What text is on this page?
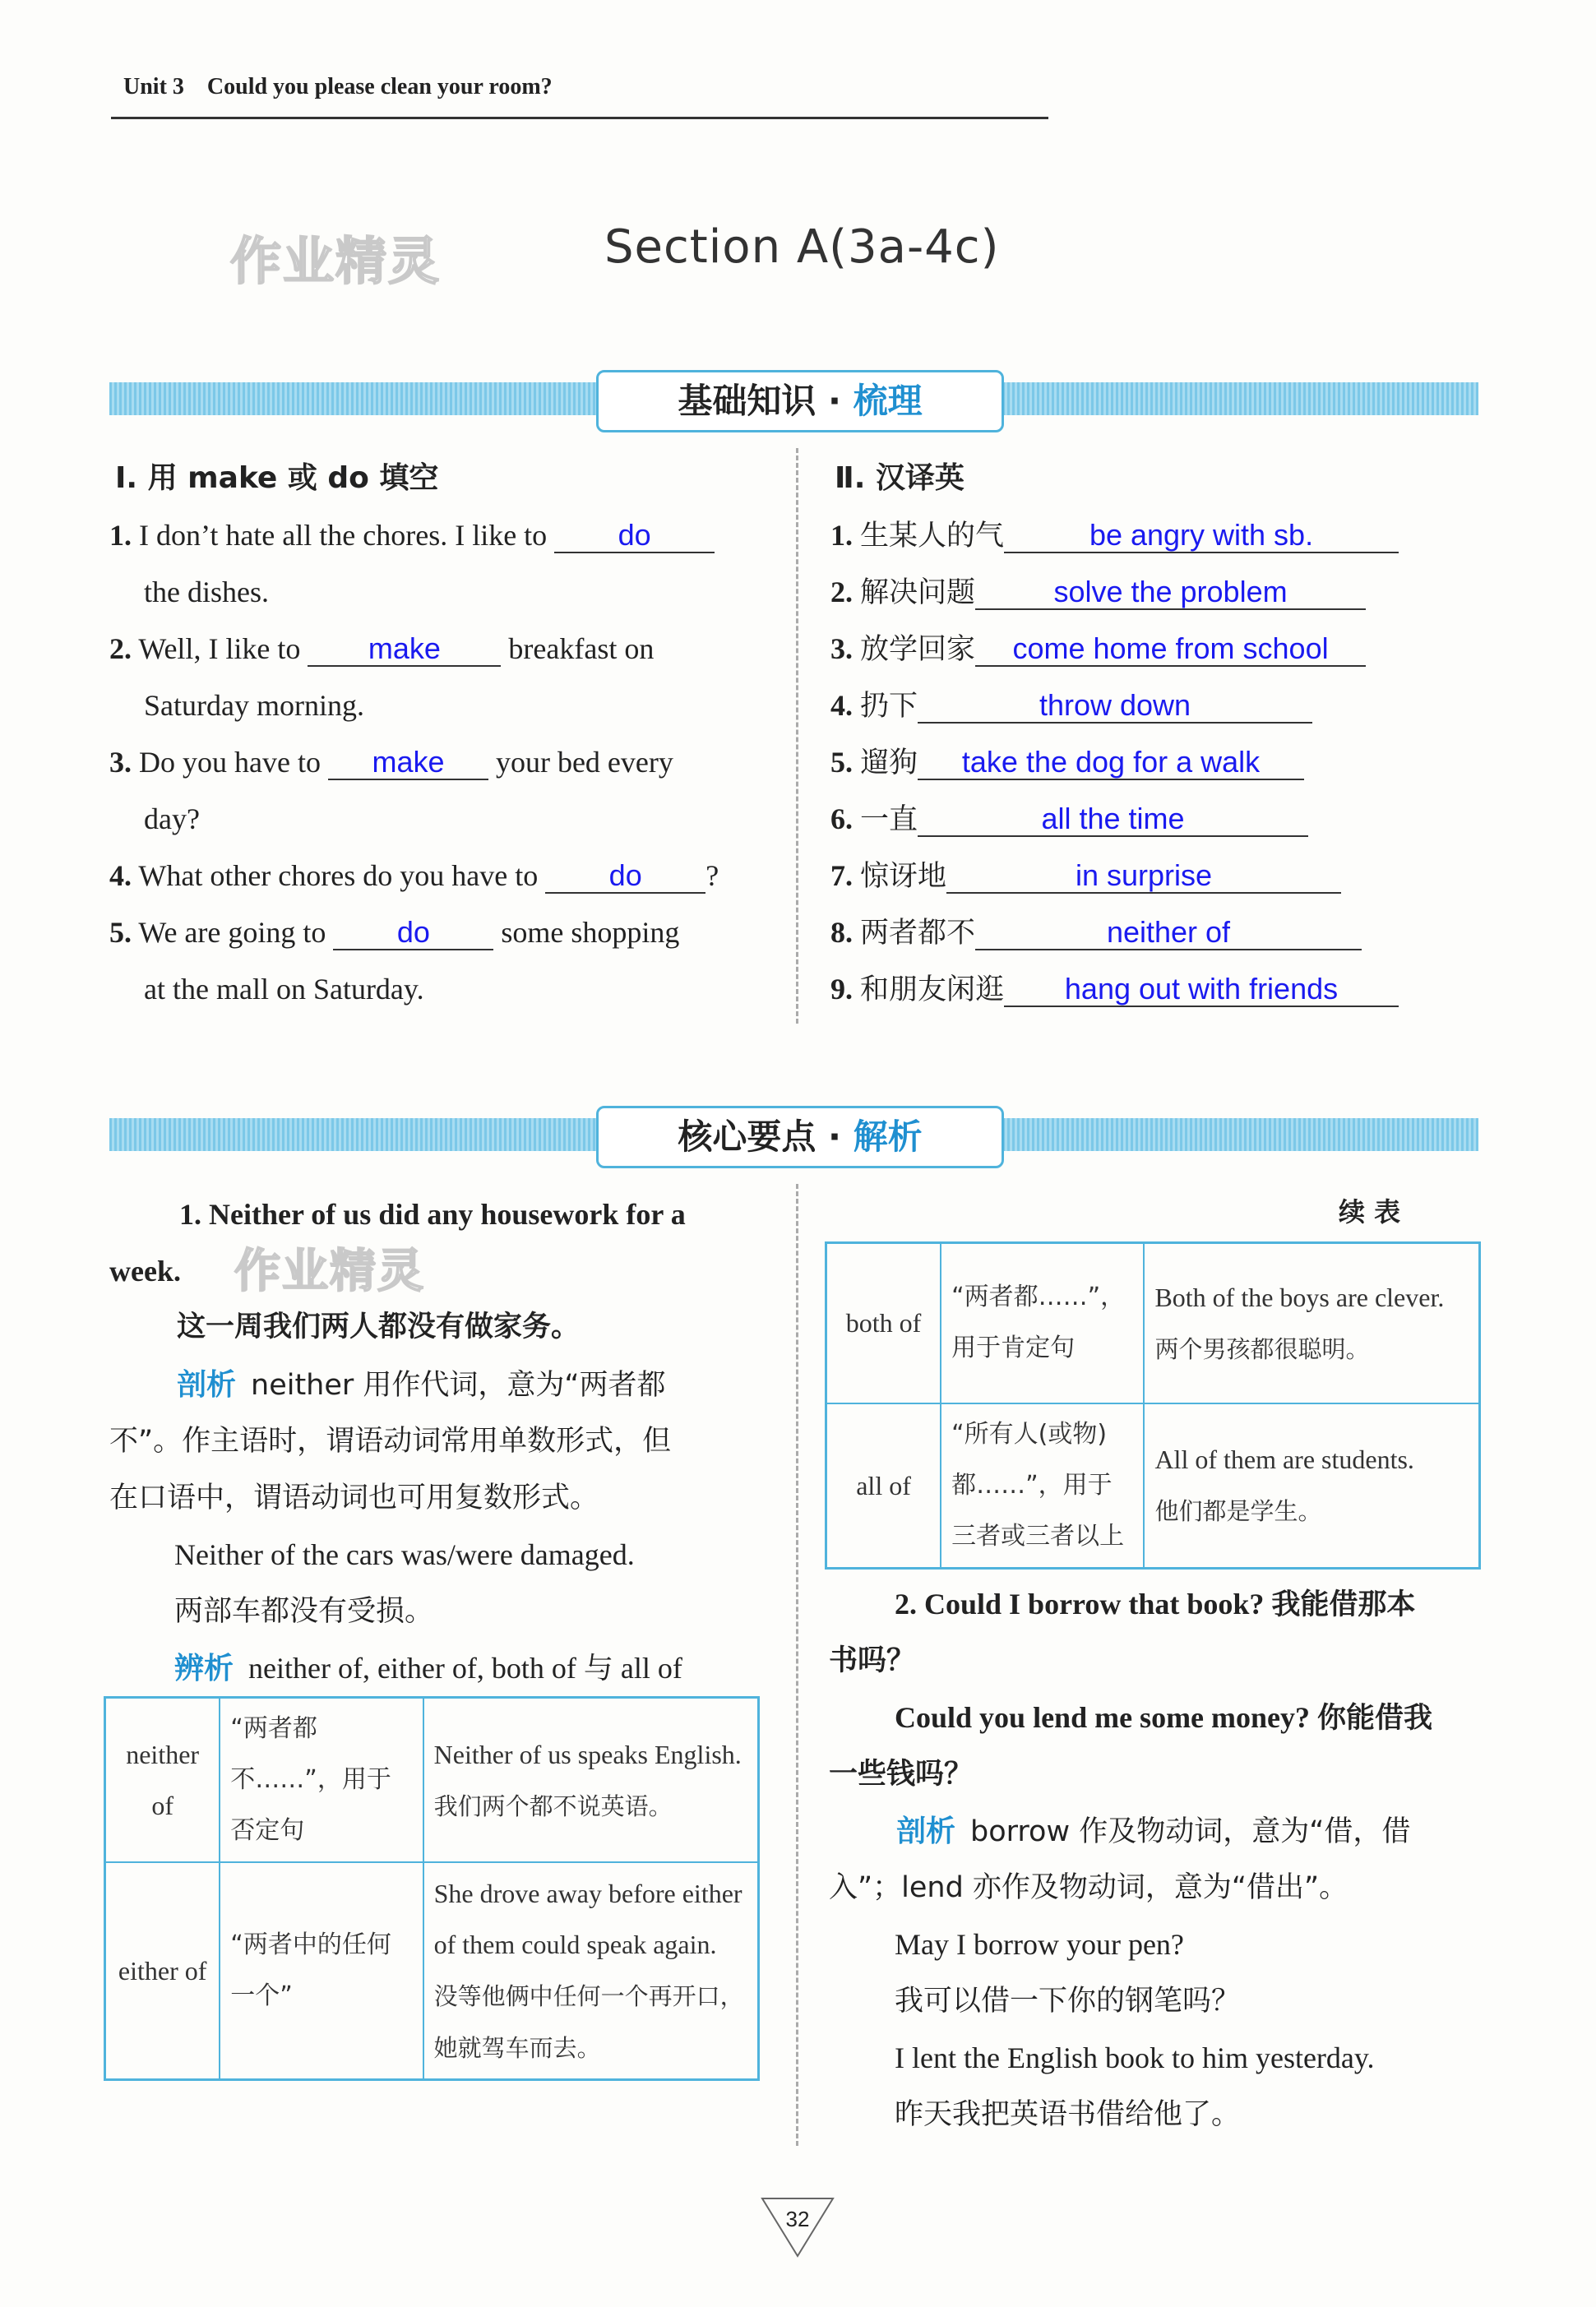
Unit 3 Could you please clean your room?
作业精灵	Section A(3a-4c)
基础知识 · 梳理
Ⅰ. 用 make 或 do 填空
1. I don’t hate all the chores. I like to	do

the dishes.
2. Well, I like to	make	breakfast on
Saturday morning.
3. Do you have to	make	your bed every
day?
4. What other chores do you have to	do	?
5. We are going to	do	some shopping
at the mall on Saturday.
Ⅱ. 汉译英
1. 生某人的气	be angry with sb.

2. 解决问题	solve the problem

3. 放学回家	come home from school

4. 扔下	throw down

5. 遛狗	take the dog for a walk

6. 一直	all the time

7. 惊讶地	in surprise

8. 两者都不	neither of

9. 和朋友闲逛	hang out with friends

核心要点 · 解析
1. Neither of us did any housework for a
week. 作业精灵
这一周我们两人都没有做家务。
剖析 neither 用作代词，意为“两者都
不”。作主语时，谓语动词常用单数形式，但
在口语中，谓语动词也可用复数形式。
Neither of the cars was/were damaged.
两部车都没有受损。
辨析 neither of, either of, both of 与 all of
neither of	“两者都不……”，用于否定句	Neither of us speaks English.
我们两个都不说英语。
either of	“两者中的任何一个”	She drove away before either of them could speak again.
没等他俩中任何一个再开口，她就驾车而去。
续 表
both of	“两者都……”，用于肯定句	Both of the boys are clever.
两个男孩都很聪明。
all of	“所有人(或物)都……”，用于三者或三者以上	All of them are students.
他们都是学生。
2. Could I borrow that book? 我能借那本
书吗？
Could you lend me some money? 你能借我
一些钱吗？
剖析 borrow 作及物动词，意为“借，借
入”；lend 亦作及物动词，意为“借出”。
May I borrow your pen?
我可以借一下你的钢笔吗？
I lent the English book to him yesterday.
昨天我把英语书借给他了。
32
